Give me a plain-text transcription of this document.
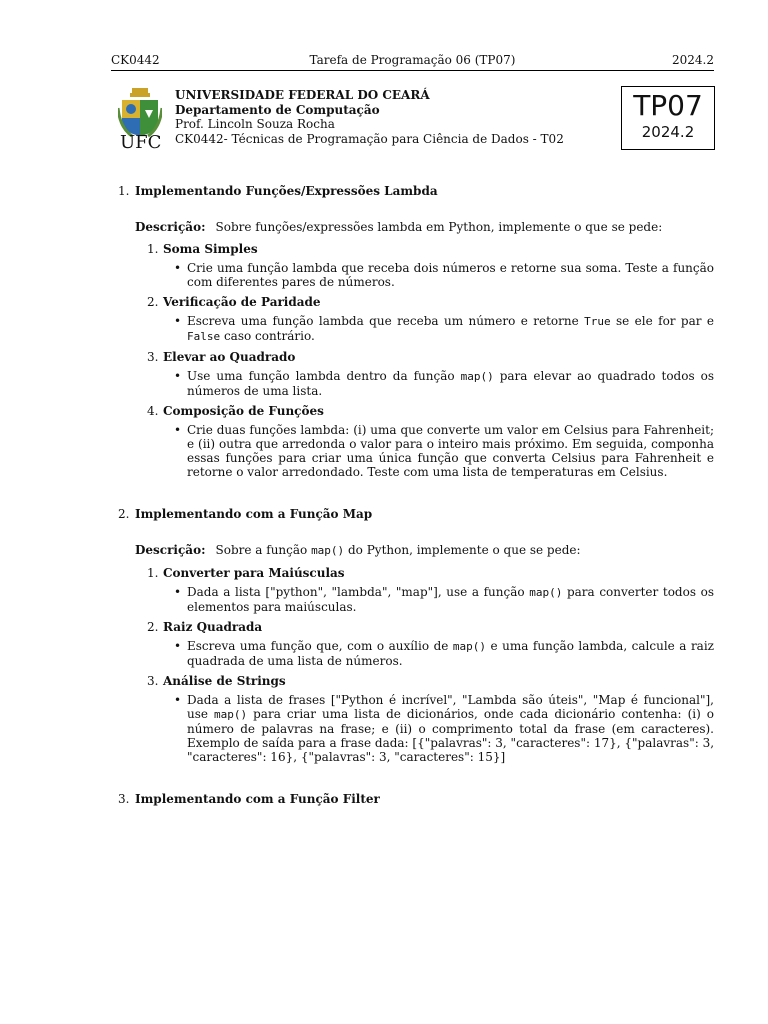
CK0442	Tarefa de Programação 06 (TP07)	2024.2
UFC
UNIVERSIDADE FEDERAL DO CEARÁ
Departamento de Computação
Prof. Lincoln Souza Rocha
CK0442- Técnicas de Programação para Ciência de Dados - T02
TP07
2024.2
1. Implementando Funções/Expressões Lambda
Descrição: Sobre funções/expressões lambda em Python, implemente o que se pede:
1. Soma Simples
• Crie uma função lambda que receba dois números e retorne sua soma. Teste a função com diferentes pares de números.
2. Verificação de Paridade
• Escreva uma função lambda que receba um número e retorne True se ele for par e False caso contrário.
3. Elevar ao Quadrado
• Use uma função lambda dentro da função map() para elevar ao quadrado todos os números de uma lista.
4. Composição de Funções
• Crie duas funções lambda: (i) uma que converte um valor em Celsius para Fahrenheit; e (ii) outra que arredonda o valor para o inteiro mais próximo. Em seguida, componha essas funções para criar uma única função que converta Celsius para Fahrenheit e retorne o valor arredondado. Teste com uma lista de temperaturas em Celsius.
2. Implementando com a Função Map
Descrição: Sobre a função map() do Python, implemente o que se pede:
1. Converter para Maiúsculas
• Dada a lista ["python", "lambda", "map"], use a função map() para converter todos os elementos para maiúsculas.
2. Raiz Quadrada
• Escreva uma função que, com o auxílio de map() e uma função lambda, calcule a raiz quadrada de uma lista de números.
3. Análise de Strings
• Dada a lista de frases ["Python é incrível", "Lambda são úteis", "Map é funcional"], use map() para criar uma lista de dicionários, onde cada dicionário contenha: (i) o número de palavras na frase; e (ii) o comprimento total da frase (em caracteres). Exemplo de saída para a frase dada: [{"palavras": 3, "caracteres": 17}, {"palavras": 3, "caracteres": 16}, {"palavras": 3, "caracteres": 15}]
3. Implementando com a Função Filter
